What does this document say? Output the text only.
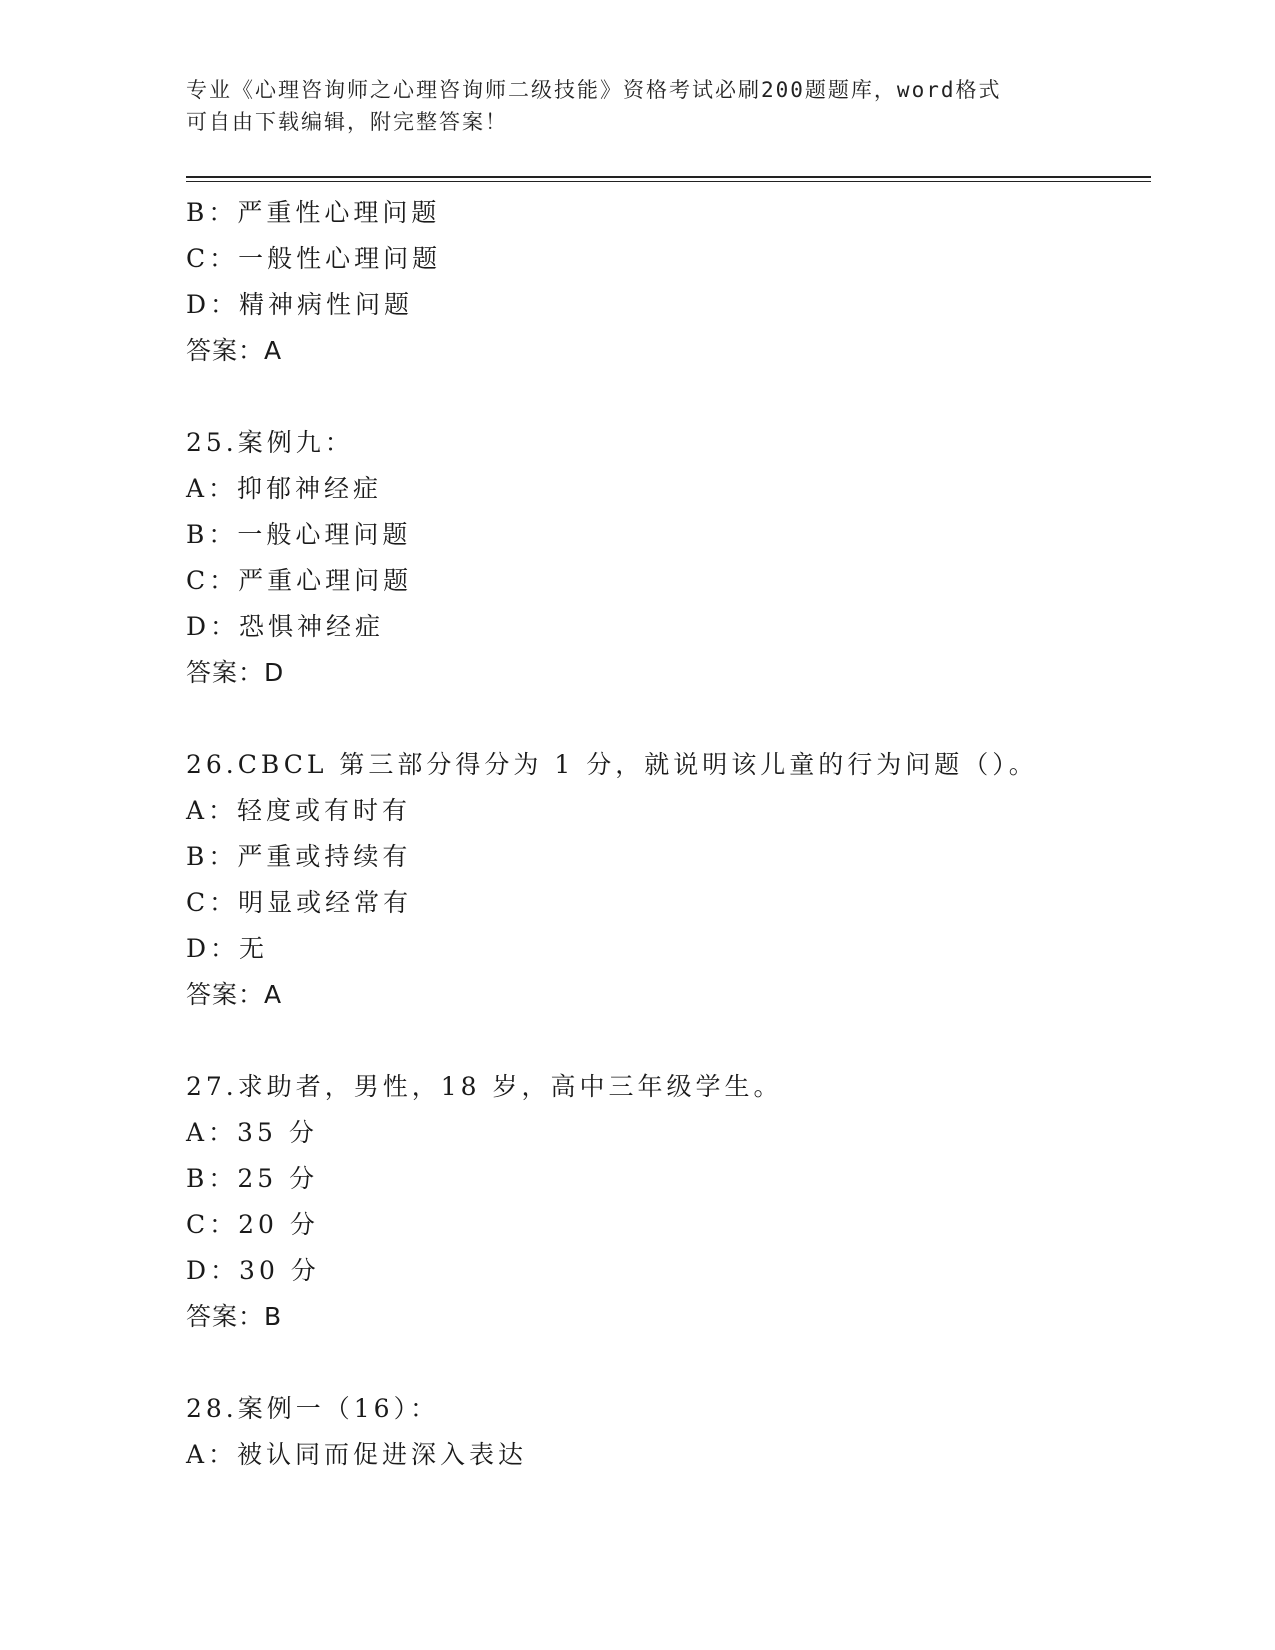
专业《心理咨询师之心理咨询师二级技能》资格考试必刷200题题库，word格式
可自由下载编辑，附完整答案！
B：严重性心理问题
C：一般性心理问题
D：精神病性问题
答案：A
25.案例九：
A：抑郁神经症
B：一般心理问题
C：严重心理问题
D：恐惧神经症
答案：D
26.CBCL 第三部分得分为 1 分，就说明该儿童的行为问题（）。
A：轻度或有时有
B：严重或持续有
C：明显或经常有
D：无
答案：A
27.求助者，男性，18 岁，高中三年级学生。
A：35 分
B：25 分
C：20 分
D：30 分
答案：B
28.案例一（16）：
A：被认同而促进深入表达
